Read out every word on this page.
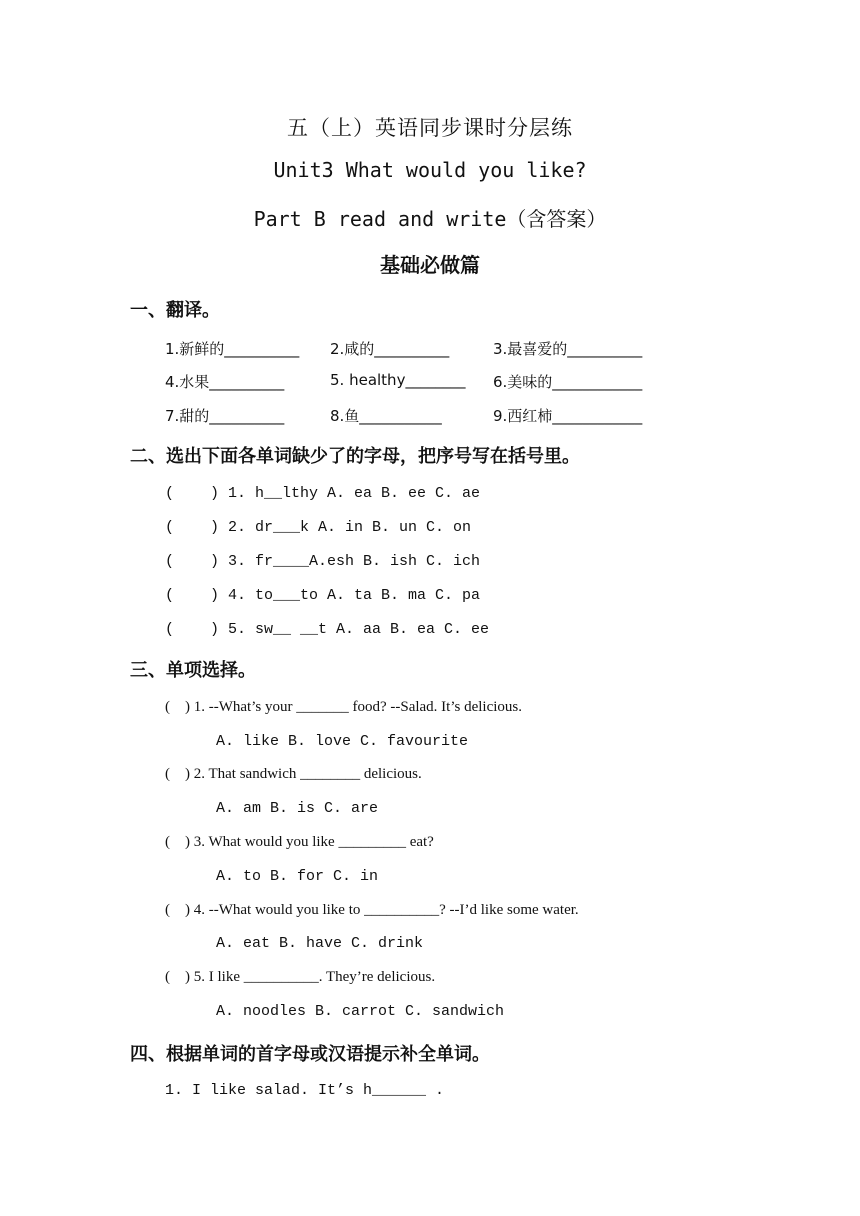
五（上）英语同步课时分层练
Unit3 What would you like?
Part B read and write（含答案）
基础必做篇
一、翻译。
1.新鲜的__________ 2.咸的__________	3.最喜爱的__________
4.水果__________	5. healthy________ 6.美味的____________
7.甜的__________	8.鱼___________	9.西红柿____________
二、选出下面各单词缺少了的字母，把序号写在括号里。
(    ) 1. h__lthy A. ea B. ee C. ae
(    ) 2. dr___k A. in B. un C. on
(    ) 3. fr____A.esh B. ish C. ich
(    ) 4. to___to A. ta B. ma C. pa
(    ) 5. sw__ __t A. aa B. ea C. ee
三、单项选择。
(    ) 1. --What’s your _______ food? --Salad. It’s delicious.
A. like B. love C. favourite
(    ) 2. That sandwich ________ delicious.
A. am B. is C. are
(    ) 3. What would you like _________ eat?
A. to B. for C. in
(    ) 4. --What would you like to __________? --I’d like some water.
A. eat B. have C. drink
(    ) 5. I like __________. They’re delicious.
A. noodles B. carrot C. sandwich
四、根据单词的首字母或汉语提示补全单词。
1. I like salad. It’s h______ .
